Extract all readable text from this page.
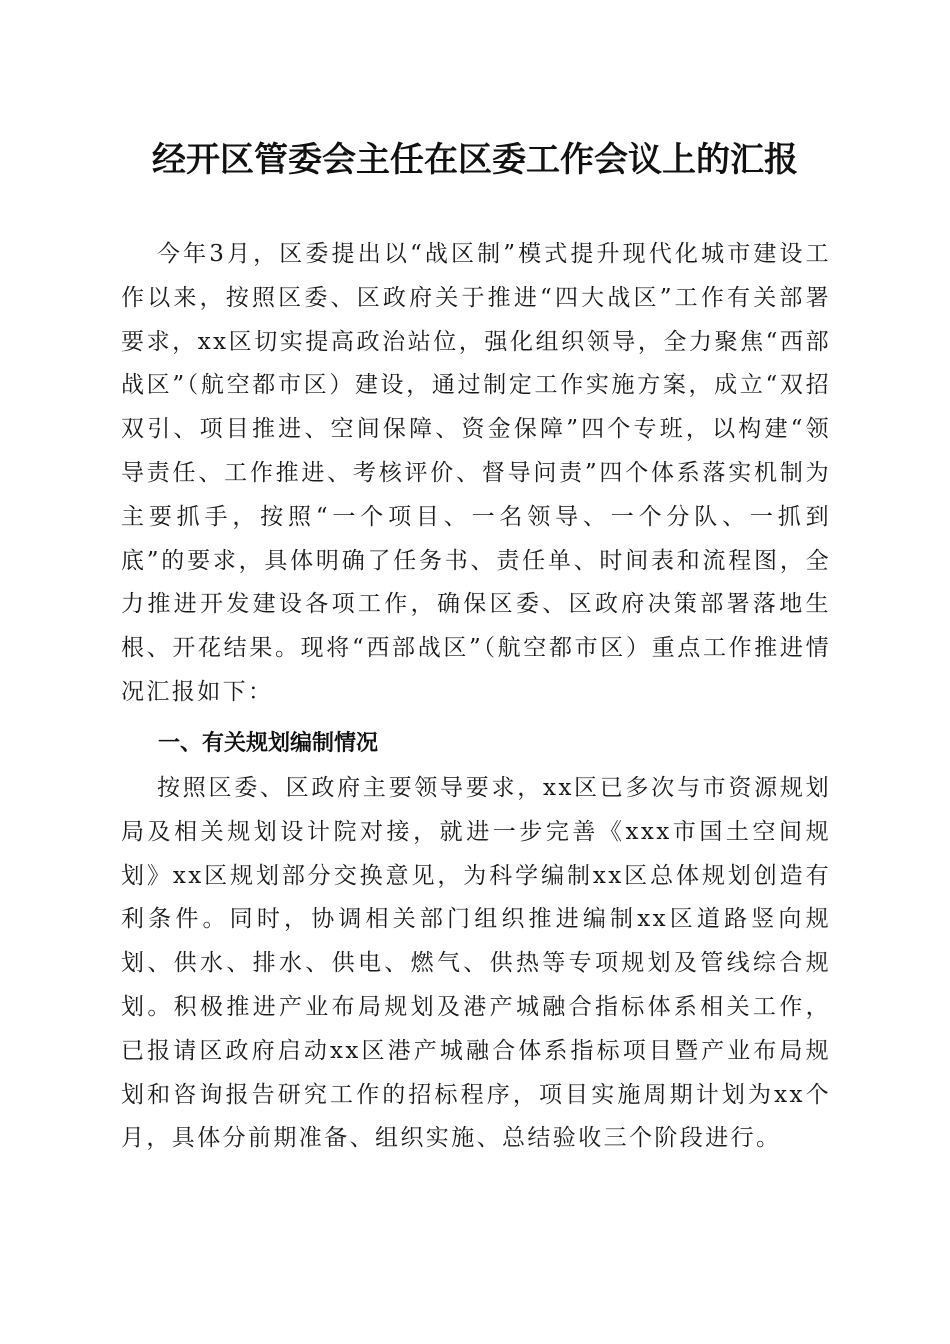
经开区管委会主任在区委工作会议上的汇报

今年3月，区委提出以“战区制”模式提升现代化城市建设工作以来，按照区委、区政府关于推进“四大战区”工作有关部署要求，xx区切实提高政治站位，强化组织领导，全力聚焦“西部战区”（航空都市区）建设，通过制定工作实施方案，成立“双招双引、项目推进、空间保障、资金保障”四个专班，以构建“领导责任、工作推进、考核评价、督导问责”四个体系落实机制为主要抓手，按照“一个项目、一名领导、一个分队、一抓到底”的要求，具体明确了任务书、责任单、时间表和流程图，全力推进开发建设各项工作，确保区委、区政府决策部署落地生根、开花结果。现将“西部战区”（航空都市区）重点工作推进情况汇报如下：

一、有关规划编制情况

按照区委、区政府主要领导要求，xx区已多次与市资源规划局及相关规划设计院对接，就进一步完善《xxx市国土空间规划》xx区规划部分交换意见，为科学编制xx区总体规划创造有利条件。同时，协调相关部门组织推进编制xx区道路竖向规划、供水、排水、供电、燃气、供热等专项规划及管线综合规划。积极推进产业布局规划及港产城融合指标体系相关工作，已报请区政府启动xx区港产城融合体系指标项目暨产业布局规划和咨询报告研究工作的招标程序，项目实施周期计划为xx个月，具体分前期准备、组织实施、总结验收三个阶段进行。
